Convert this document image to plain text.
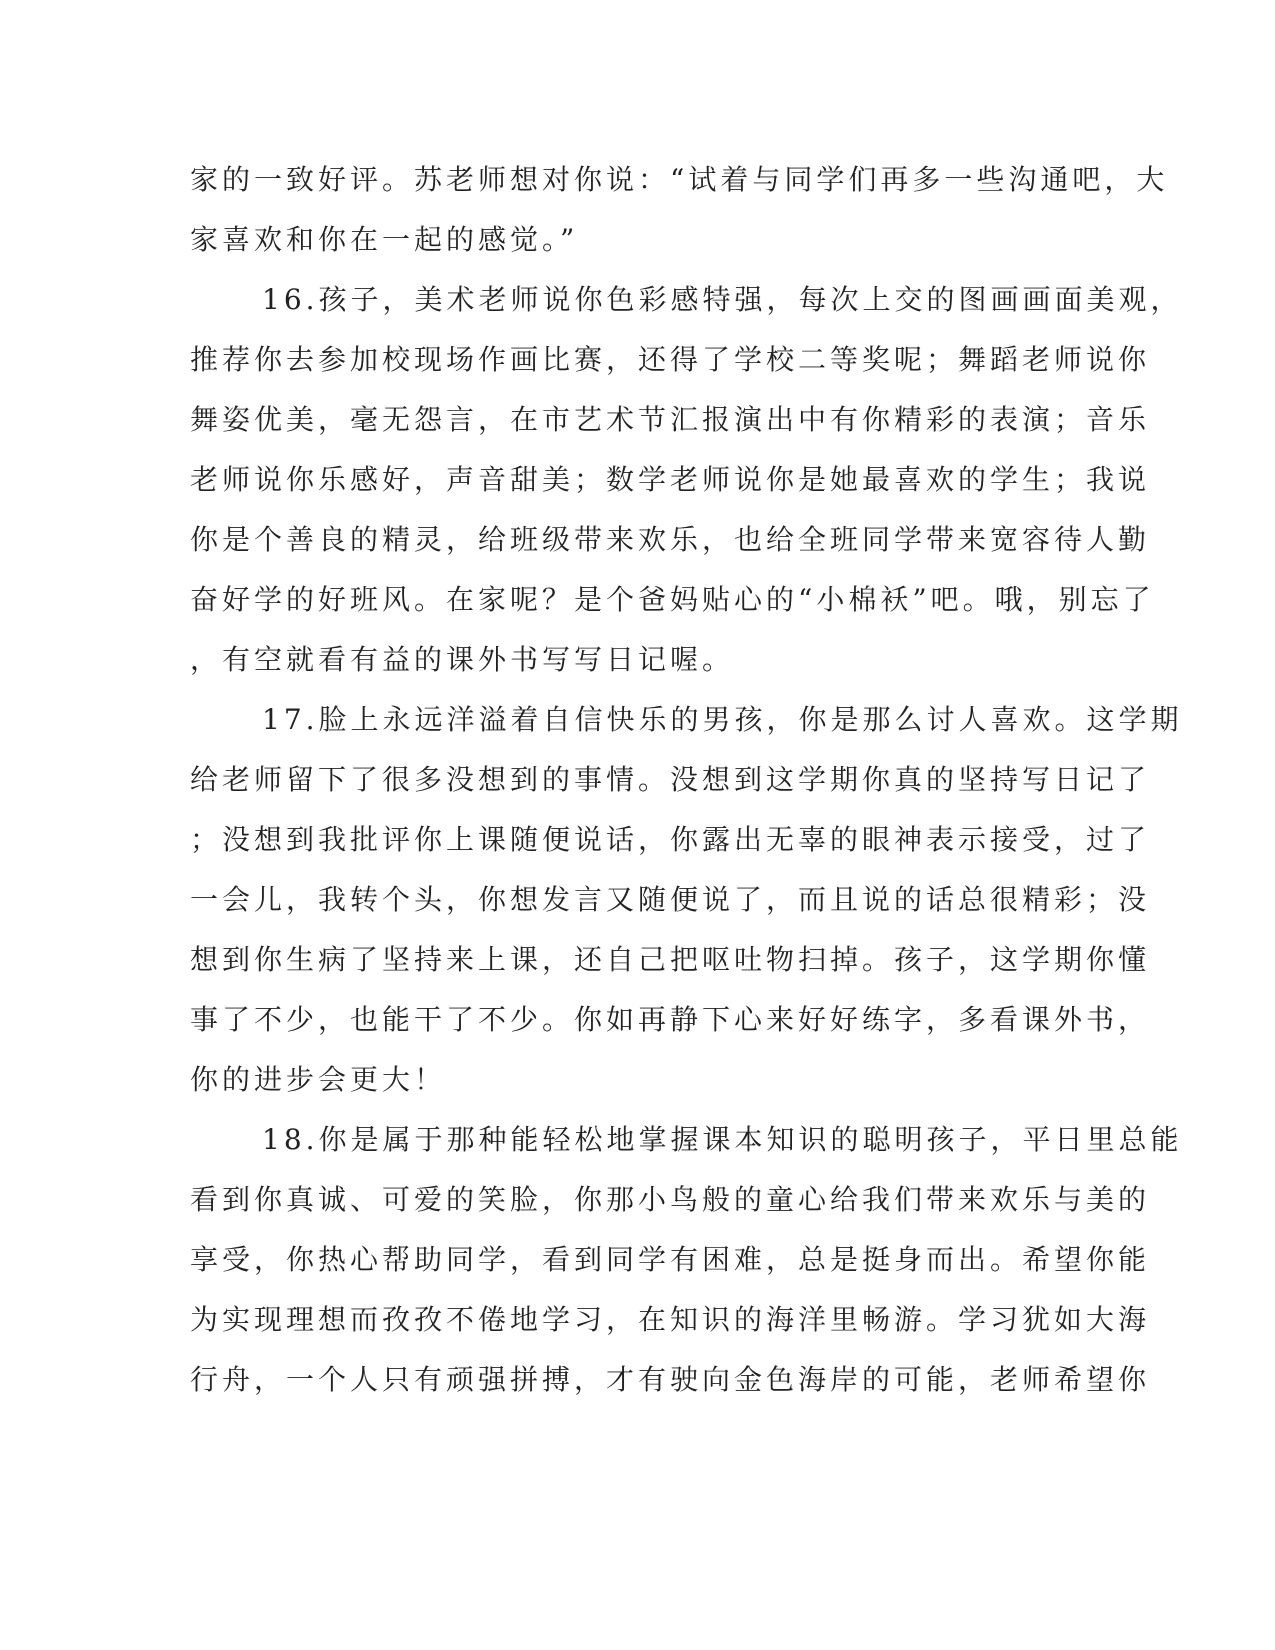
家的一致好评。苏老师想对你说：“试着与同学们再多一些沟通吧，大

家喜欢和你在一起的感觉。”

16.孩子，美术老师说你色彩感特强，每次上交的图画画面美观，

推荐你去参加校现场作画比赛，还得了学校二等奖呢；舞蹈老师说你

舞姿优美，毫无怨言，在市艺术节汇报演出中有你精彩的表演；音乐

老师说你乐感好，声音甜美；数学老师说你是她最喜欢的学生；我说

你是个善良的精灵，给班级带来欢乐，也给全班同学带来宽容待人勤

奋好学的好班风。在家呢？是个爸妈贴心的“小棉袄”吧。哦，别忘了

，有空就看有益的课外书写写日记喔。

17.脸上永远洋溢着自信快乐的男孩，你是那么讨人喜欢。这学期

给老师留下了很多没想到的事情。没想到这学期你真的坚持写日记了

；没想到我批评你上课随便说话，你露出无辜的眼神表示接受，过了

一会儿，我转个头，你想发言又随便说了，而且说的话总很精彩；没

想到你生病了坚持来上课，还自己把呕吐物扫掉。孩子，这学期你懂

事了不少，也能干了不少。你如再静下心来好好练字，多看课外书，

你的进步会更大！

18.你是属于那种能轻松地掌握课本知识的聪明孩子，平日里总能

看到你真诚、可爱的笑脸，你那小鸟般的童心给我们带来欢乐与美的

享受，你热心帮助同学，看到同学有困难，总是挺身而出。希望你能

为实现理想而孜孜不倦地学习，在知识的海洋里畅游。学习犹如大海

行舟，一个人只有顽强拼搏，才有驶向金色海岸的可能，老师希望你
